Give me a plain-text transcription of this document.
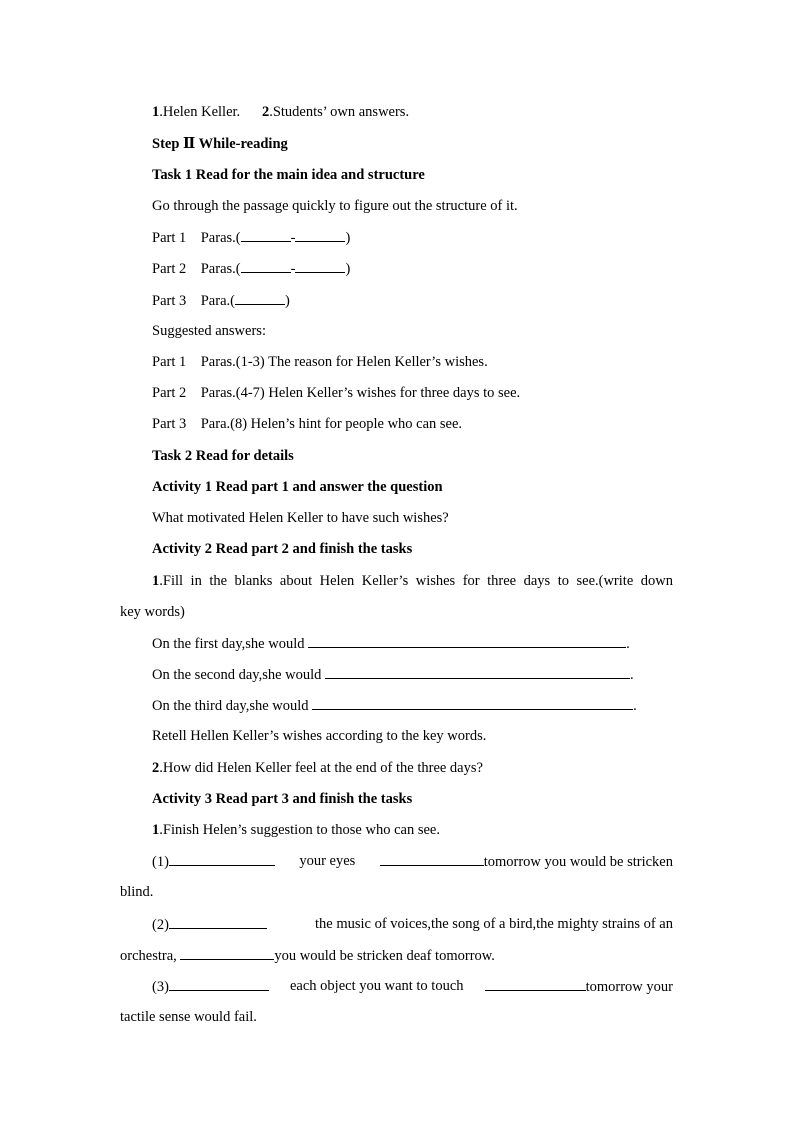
1.Helen Keller. 2.Students’ own answers.
Step Ⅱ While-reading
Task 1 Read for the main idea and structure
Go through the passage quickly to figure out the structure of it.
Part 1 Paras.(	-	)
Part 2 Paras.(	-	)
Part 3 Para.(	)
Suggested answers:
Part 1 Paras.(1-3) The reason for Helen Keller’s wishes.
Part 2 Paras.(4-7) Helen Keller’s wishes for three days to see.
Part 3 Para.(8) Helen’s hint for people who can see.
Task 2 Read for details
Activity 1 Read part 1 and answer the question
What motivated Helen Keller to have such wishes?
Activity 2 Read part 2 and finish the tasks
1.Fill in the blanks about Helen Keller’s wishes for three days to see.(write down
key words)
On the first day,she would	.
On the second day,she would	.
On the third day,she would	.
Retell Hellen Keller’s wishes according to the key words.
2.How did Helen Keller feel at the end of the three days?
Activity 3 Read part 3 and finish the tasks
1.Finish Helen’s suggestion to those who can see.
(1)	your eyes	tomorrow you would be stricken
blind.
(2)	the music of voices,the song of a bird,the mighty strains of an
orchestra,	you would be stricken deaf tomorrow.
(3)	each object you want to touch	tomorrow your
tactile sense would fail.
